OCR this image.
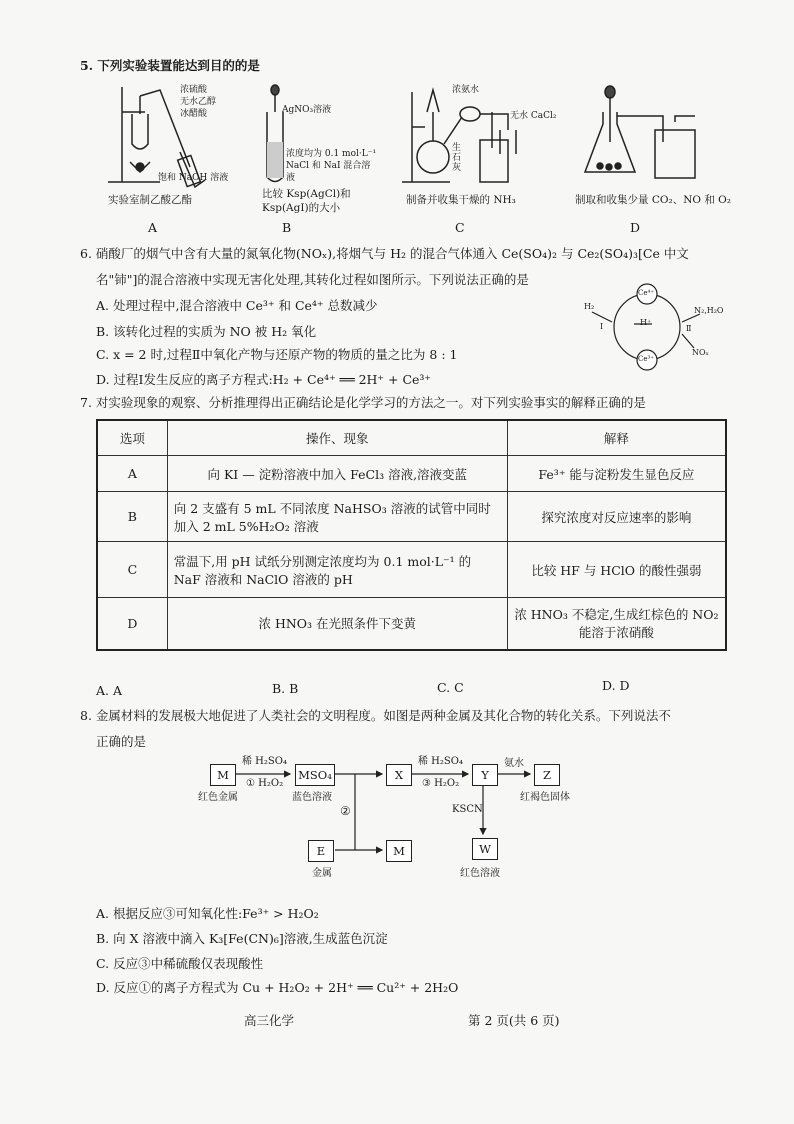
5. 下列实验装置能达到目的的是
浓硫酸
无水乙醇
冰醋酸
饱和 NaOH 溶液
实验室制乙酸乙酯
A
AgNO₃溶液
浓度均为 0.1 mol·L⁻¹
NaCl 和 NaI 混合溶
液
比较 Ksp(AgCl)和
Ksp(AgI)的大小
B
浓氨水
无水 CaCl₂
生
石
灰
制备并收集干燥的 NH₃
C
制取和收集少量 CO₂、NO 和 O₂
D
6. 硝酸厂的烟气中含有大量的氮氧化物(NOₓ),将烟气与 H₂ 的混合气体通入 Ce(SO₄)₂ 与 Ce₂(SO₄)₃[Ce 中文
名"铈"]的混合溶液中实现无害化处理,其转化过程如图所示。下列说法正确的是
A. 处理过程中,混合溶液中 Ce³⁺ 和 Ce⁴⁺ 总数减少
B. 该转化过程的实质为 NO 被 H₂ 氧化
C. x = 2 时,过程Ⅱ中氧化产物与还原产物的物质的量之比为 8 : 1
D. 过程Ⅰ发生反应的离子方程式:H₂ + Ce⁴⁺ ══ 2H⁺ + Ce³⁺
Ce⁴⁺
Ce³⁺
H₂
H⁺
N₂,H₂O
NOₓ
Ⅰ	Ⅱ
7. 对实验现象的观察、分析推理得出正确结论是化学学习的方法之一。对下列实验事实的解释正确的是
选项	操作、现象	解释
A	向 KI — 淀粉溶液中加入 FeCl₃ 溶液,溶液变蓝	Fe³⁺ 能与淀粉发生显色反应
B	向 2 支盛有 5 mL 不同浓度 NaHSO₃ 溶液的试管中同时加入 2 mL 5%H₂O₂ 溶液	探究浓度对反应速率的影响
C	常温下,用 pH 试纸分别测定浓度均为 0.1 mol·L⁻¹ 的 NaF 溶液和 NaClO 溶液的 pH	比较 HF 与 HClO 的酸性强弱
D	浓 HNO₃ 在光照条件下变黄	浓 HNO₃ 不稳定,生成红棕色的 NO₂ 能溶于浓硝酸
A. A	B. B	C. C	D. D
8. 金属材料的发展极大地促进了人类社会的文明程度。如图是两种金属及其化合物的转化关系。下列说法不
正确的是
M	MSO₄	X	Y	Z
E	M	W
红色金属	蓝色溶液
金属
红褐色固体
红色溶液
稀 H₂SO₄
① H₂O₂
稀 H₂SO₄
③ H₂O₂
②
氨水
KSCN
A. 根据反应③可知氧化性:Fe³⁺ > H₂O₂
B. 向 X 溶液中滴入 K₃[Fe(CN)₆]溶液,生成蓝色沉淀
C. 反应③中稀硫酸仅表现酸性
D. 反应①的离子方程式为 Cu + H₂O₂ + 2H⁺ ══ Cu²⁺ + 2H₂O
高三化学	第 2 页(共 6 页)
